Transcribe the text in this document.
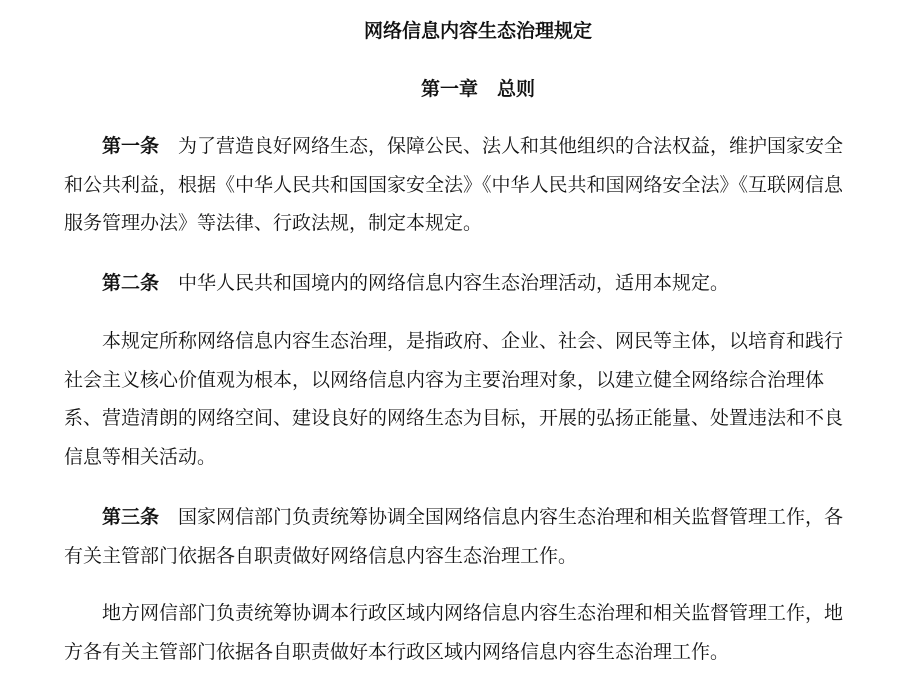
网络信息内容生态治理规定
第一章　总则

第一条 为了营造良好网络生态，保障公民、法人和其他组织的合法权益，维护国家安全和公共利益，根据《中华人民共和国国家安全法》《中华人民共和国网络安全法》《互联网信息服务管理办法》等法律、行政法规，制定本规定。

第二条 中华人民共和国境内的网络信息内容生态治理活动，适用本规定。

本规定所称网络信息内容生态治理，是指政府、企业、社会、网民等主体，以培育和践行社会主义核心价值观为根本，以网络信息内容为主要治理对象，以建立健全网络综合治理体系、营造清朗的网络空间、建设良好的网络生态为目标，开展的弘扬正能量、处置违法和不良信息等相关活动。

第三条 国家网信部门负责统筹协调全国网络信息内容生态治理和相关监督管理工作，各有关主管部门依据各自职责做好网络信息内容生态治理工作。

地方网信部门负责统筹协调本行政区域内网络信息内容生态治理和相关监督管理工作，地方各有关主管部门依据各自职责做好本行政区域内网络信息内容生态治理工作。
